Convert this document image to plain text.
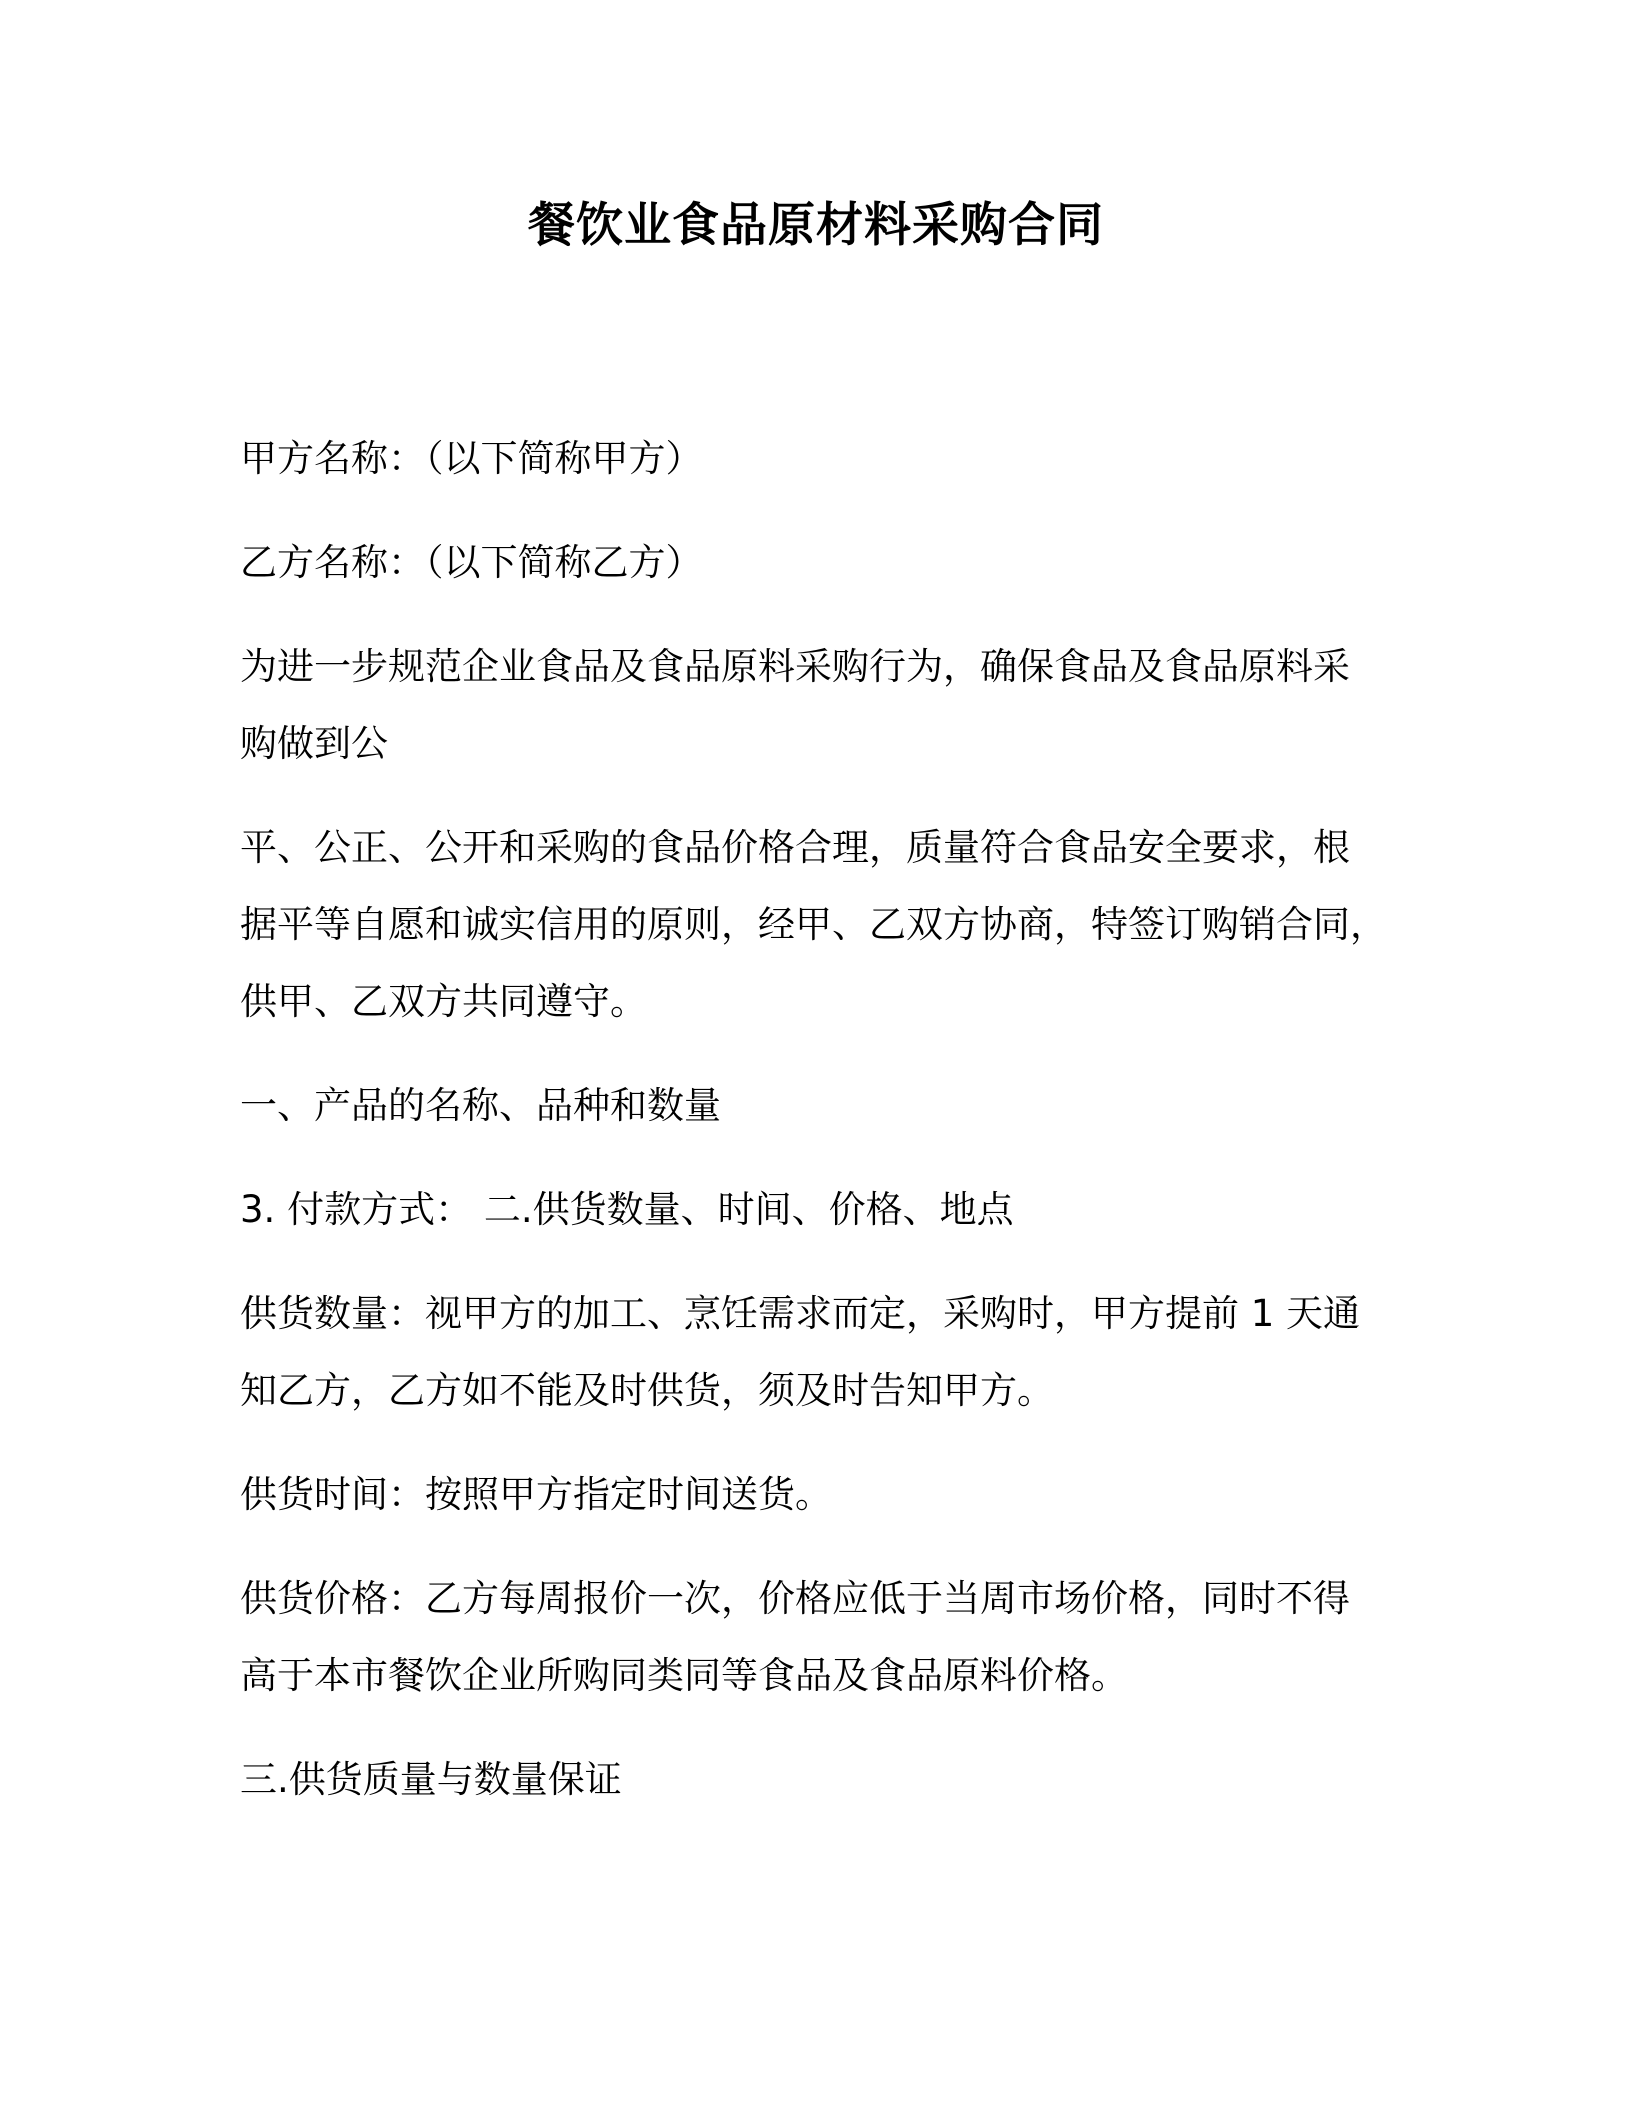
餐饮业食品原材料采购合同

甲方名称：（以下简称甲方）

乙方名称：（以下简称乙方）

为进一步规范企业食品及食品原料采购行为，确保食品及食品原料采
购做到公

平、公正、公开和采购的食品价格合理，质量符合食品安全要求，根
据平等自愿和诚实信用的原则，经甲、乙双方协商，特签订购销合同，
供甲、乙双方共同遵守。

一、产品的名称、品种和数量

3. 付款方式： 二.供货数量、时间、价格、地点

供货数量：视甲方的加工、烹饪需求而定，采购时，甲方提前 1 天通
知乙方，乙方如不能及时供货，须及时告知甲方。

供货时间：按照甲方指定时间送货。

供货价格：乙方每周报价一次，价格应低于当周市场价格，同时不得
高于本市餐饮企业所购同类同等食品及食品原料价格。

三.供货质量与数量保证
